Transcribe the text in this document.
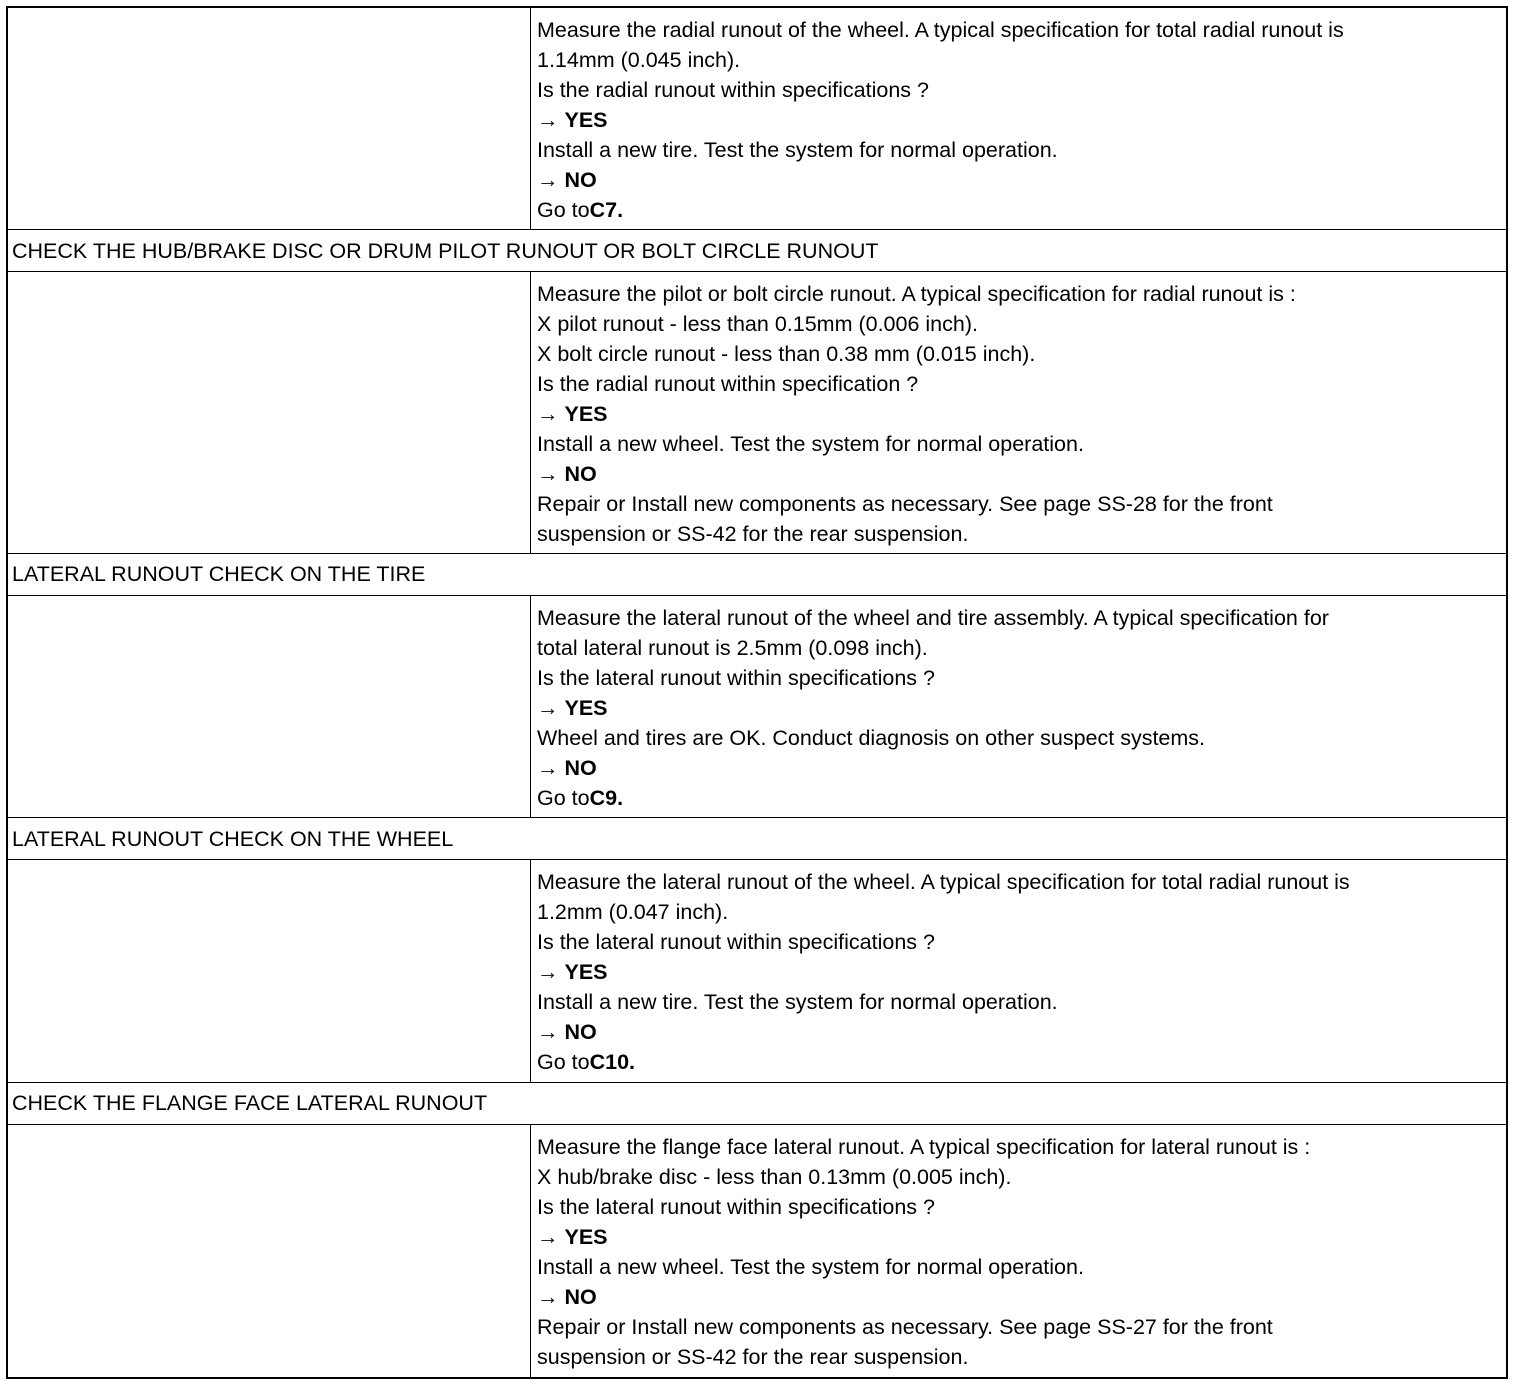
Measure the radial runout of the wheel. A typical specification for total radial runout is
1.14mm (0.045 inch).
Is the radial runout within specifications ?
→ YES
Install a new tire. Test the system for normal operation.
→ NO
Go toC7.
CHECK THE HUB/BRAKE DISC OR DRUM PILOT RUNOUT OR BOLT CIRCLE RUNOUT
Measure the pilot or bolt circle runout. A typical specification for radial runout is :
X pilot runout - less than 0.15mm (0.006 inch).
X bolt circle runout - less than 0.38 mm (0.015 inch).
Is the radial runout within specification ?
→ YES
Install a new wheel. Test the system for normal operation.
→ NO
Repair or Install new components as necessary. See page SS-28 for the front
suspension or SS-42 for the rear suspension.
LATERAL RUNOUT CHECK ON THE TIRE
Measure the lateral runout of the wheel and tire assembly. A typical specification for
total lateral runout is 2.5mm (0.098 inch).
Is the lateral runout within specifications ?
→ YES
Wheel and tires are OK. Conduct diagnosis on other suspect systems.
→ NO
Go toC9.
LATERAL RUNOUT CHECK ON THE WHEEL
Measure the lateral runout of the wheel. A typical specification for total radial runout is
1.2mm (0.047 inch).
Is the lateral runout within specifications ?
→ YES
Install a new tire. Test the system for normal operation.
→ NO
Go toC10.
CHECK THE FLANGE FACE LATERAL RUNOUT
Measure the flange face lateral runout. A typical specification for lateral runout is :
X hub/brake disc - less than 0.13mm (0.005 inch).
Is the lateral runout within specifications ?
→ YES
Install a new wheel. Test the system for normal operation.
→ NO
Repair or Install new components as necessary. See page SS-27 for the front
suspension or SS-42 for the rear suspension.
